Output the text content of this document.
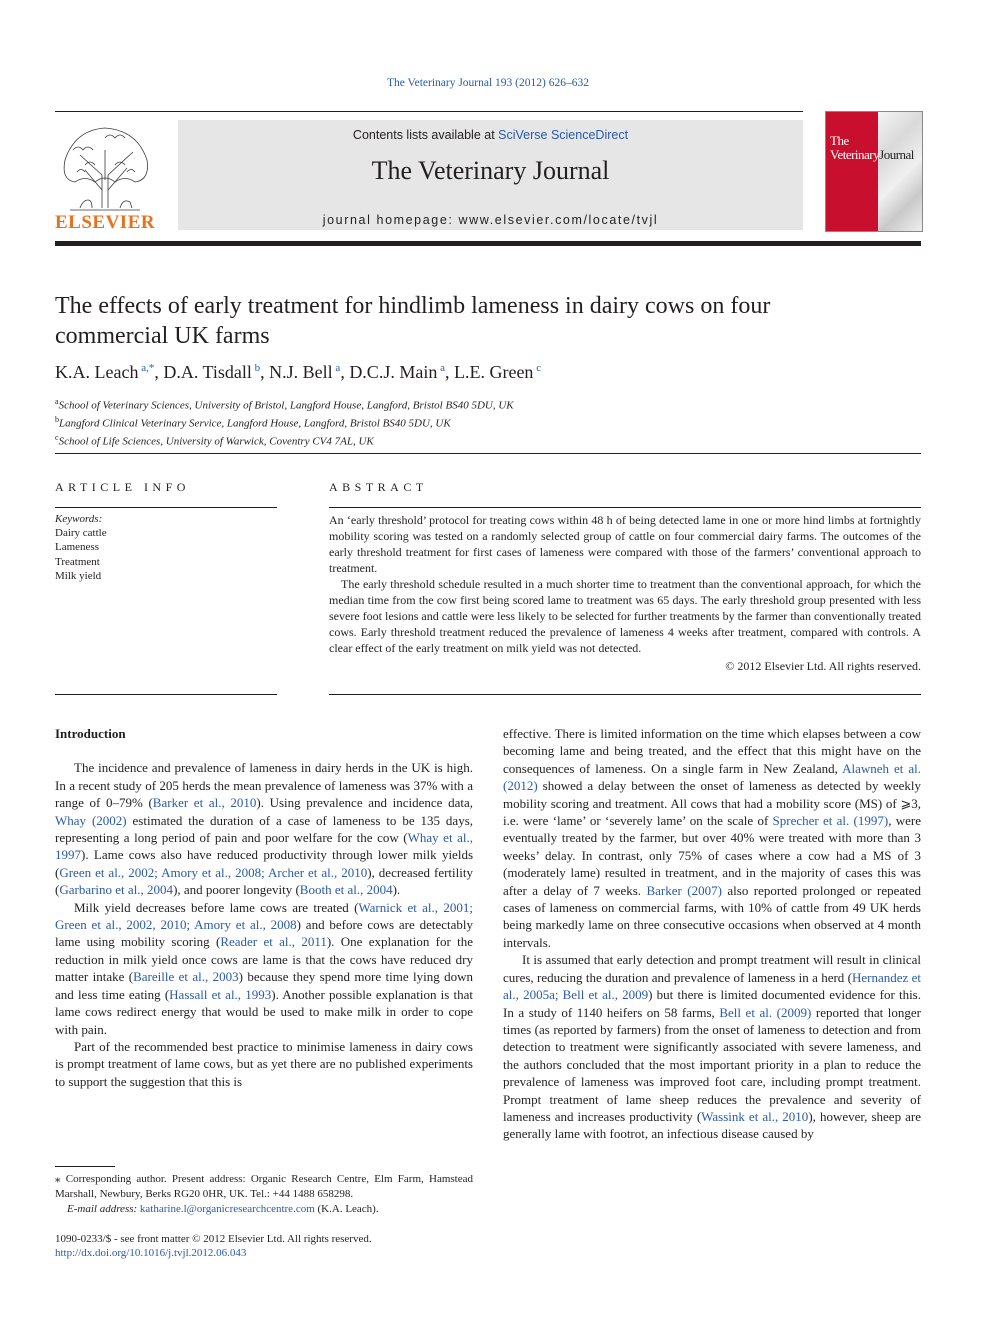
The Veterinary Journal 193 (2012) 626–632
ELSEVIER
Contents lists available at SciVerse ScienceDirect
The Veterinary Journal
journal homepage: www.elsevier.com/locate/tvjl
The
VeterinaryJournal
The effects of early treatment for hindlimb lameness in dairy cows on four commercial UK farms
K.A. Leach $^{a,*}$, D.A. Tisdall $^b$, N.J. Bell $^a$, D.C.J. Main $^a$, L.E. Green $^c$
$^a$School of Veterinary Sciences, University of Bristol, Langford House, Langford, Bristol BS40 5DU, UK
$^b$Langford Clinical Veterinary Service, Langford House, Langford, Bristol BS40 5DU, UK
$^c$School of Life Sciences, University of Warwick, Coventry CV4 7AL, UK
ARTICLE INFO	ABSTRACT
Keywords:
Dairy cattle
Lameness
Treatment
Milk yield

An ‘early threshold’ protocol for treating cows within 48 h of being detected lame in one or more hind limbs at fortnightly mobility scoring was tested on a randomly selected group of cattle on four commercial dairy farms. The outcomes of the early threshold treatment for first cases of lameness were compared with those of the farmers’ conventional approach to treatment.

The early threshold schedule resulted in a much shorter time to treatment than the conventional approach, for which the median time from the cow first being scored lame to treatment was 65 days. The early threshold group presented with less severe foot lesions and cattle were less likely to be selected for further treatments by the farmer than conventionally treated cows. Early threshold treatment reduced the prevalence of lameness 4 weeks after treatment, compared with controls. A clear effect of the early treatment on milk yield was not detected.

© 2012 Elsevier Ltd. All rights reserved.

Introduction

The incidence and prevalence of lameness in dairy herds in the UK is high. In a recent study of 205 herds the mean prevalence of lameness was 37% with a range of 0–79% (Barker et al., 2010). Using prevalence and incidence data, Whay (2002) estimated the duration of a case of lameness to be 135 days, representing a long period of pain and poor welfare for the cow (Whay et al., 1997). Lame cows also have reduced productivity through lower milk yields (Green et al., 2002; Amory et al., 2008; Archer et al., 2010), decreased fertility (Garbarino et al., 2004), and poorer longevity (Booth et al., 2004).

Milk yield decreases before lame cows are treated (Warnick et al., 2001; Green et al., 2002, 2010; Amory et al., 2008) and before cows are detectably lame using mobility scoring (Reader et al., 2011). One explanation for the reduction in milk yield once cows are lame is that the cows have reduced dry matter intake (Bareille et al., 2003) because they spend more time lying down and less time eating (Hassall et al., 1993). Another possible explanation is that lame cows redirect energy that would be used to make milk in order to cope with pain.

Part of the recommended best practice to minimise lameness in dairy cows is prompt treatment of lame cows, but as yet there are no published experiments to support the suggestion that this is

effective. There is limited information on the time which elapses between a cow becoming lame and being treated, and the effect that this might have on the consequences of lameness. On a single farm in New Zealand, Alawneh et al. (2012) showed a delay between the onset of lameness as detected by weekly mobility scoring and treatment. All cows that had a mobility score (MS) of ⩾3, i.e. were ‘lame’ or ‘severely lame’ on the scale of Sprecher et al. (1997), were eventually treated by the farmer, but over 40% were treated with more than 3 weeks’ delay. In contrast, only 75% of cases where a cow had a MS of 3 (moderately lame) resulted in treatment, and in the majority of cases this was after a delay of 7 weeks. Barker (2007) also reported prolonged or repeated cases of lameness on commercial farms, with 10% of cattle from 49 UK herds being markedly lame on three consecutive occasions when observed at 4 month intervals.

It is assumed that early detection and prompt treatment will result in clinical cures, reducing the duration and prevalence of lameness in a herd (Hernandez et al., 2005a; Bell et al., 2009) but there is limited documented evidence for this. In a study of 1140 heifers on 58 farms, Bell et al. (2009) reported that longer times (as reported by farmers) from the onset of lameness to detection and from detection to treatment were significantly associated with severe lameness, and the authors concluded that the most important priority in a plan to reduce the prevalence of lameness was improved foot care, including prompt treatment. Prompt treatment of lame sheep reduces the prevalence and severity of lameness and increases productivity (Wassink et al., 2010), however, sheep are generally lame with footrot, an infectious disease caused by

⁎ Corresponding author. Present address: Organic Research Centre, Elm Farm, Hamstead Marshall, Newbury, Berks RG20 0HR, UK. Tel.: +44 1488 658298.
E-mail address: katharine.l@organicresearchcentre.com (K.A. Leach).
1090-0233/$ - see front matter © 2012 Elsevier Ltd. All rights reserved.
http://dx.doi.org/10.1016/j.tvjl.2012.06.043
